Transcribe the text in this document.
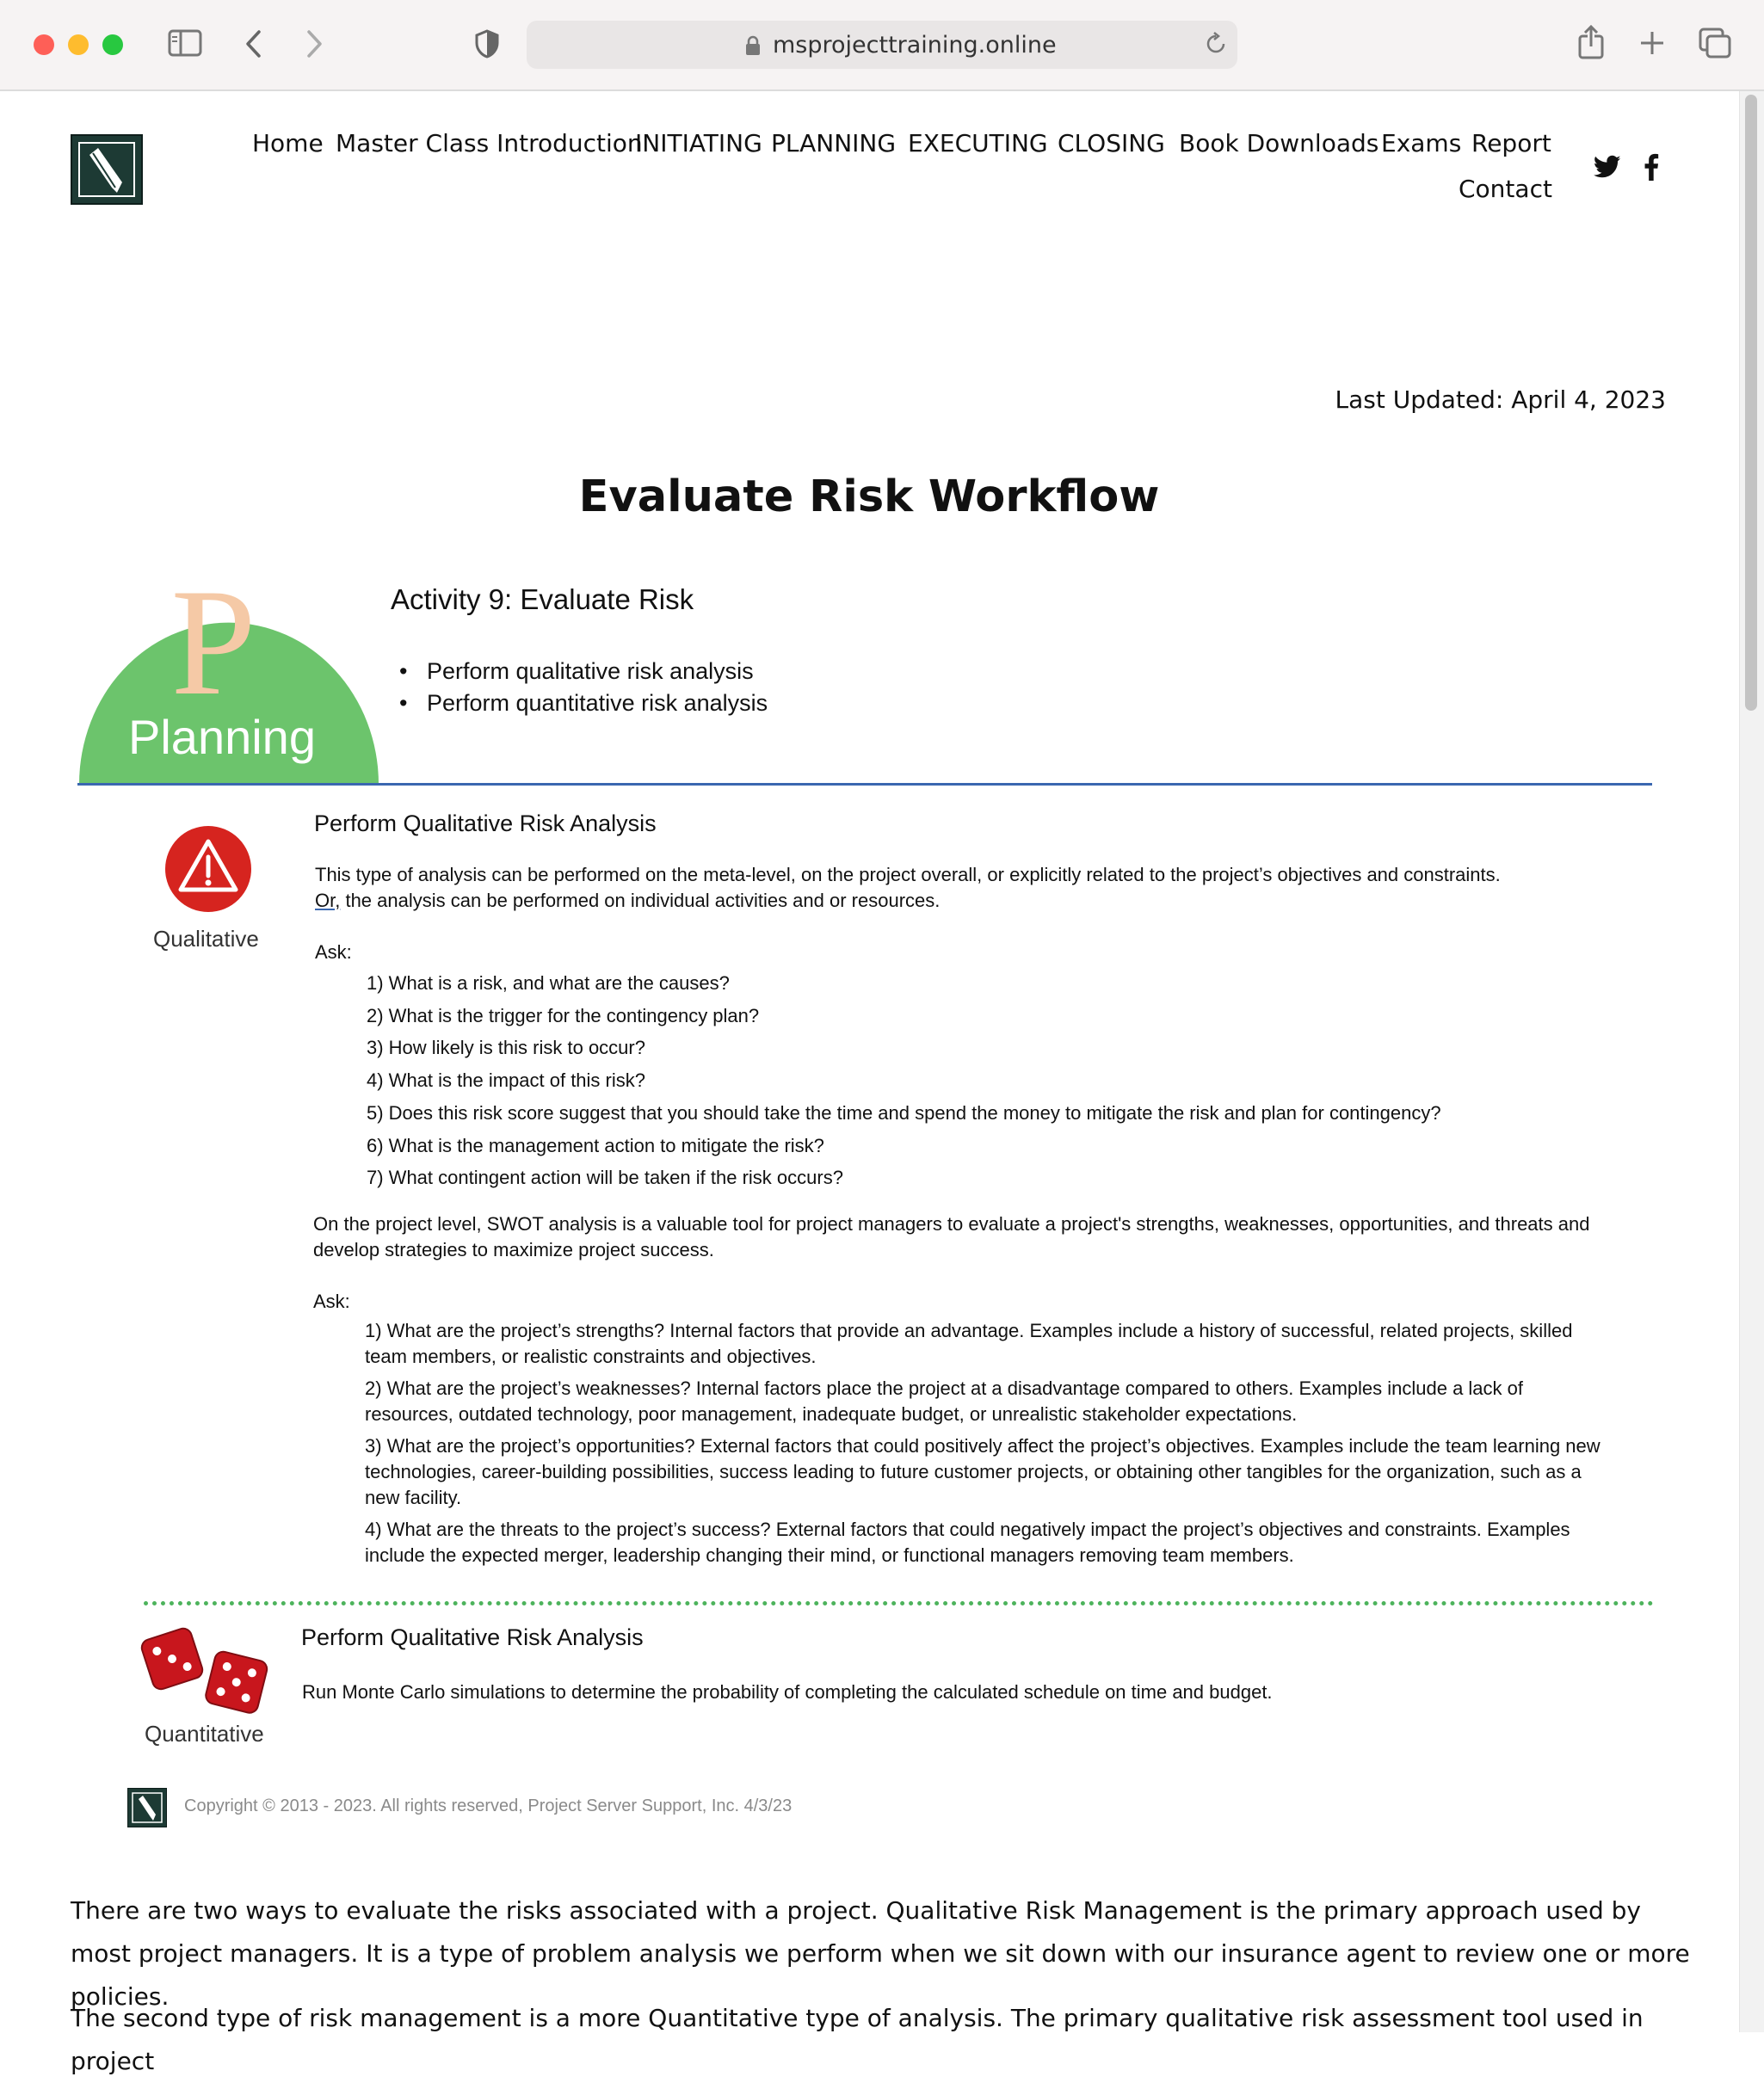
msprojecttraining.online
Home Master Class Introduction
INITIATING PLANNING EXECUTING CLOSING Book Downloads Exams Report
Contact
Last Updated: April 4, 2023
Evaluate Risk Workflow
P
Planning
Activity 9: Evaluate Risk
• Perform qualitative risk analysis
• Perform quantitative risk analysis
Qualitative
Perform Qualitative Risk Analysis
This type of analysis can be performed on the meta-level, on the project overall, or explicitly related to the project’s objectives and constraints.
Or, the analysis can be performed on individual activities and or resources.
Ask:
1) What is a risk, and what are the causes?
2) What is the trigger for the contingency plan?
3) How likely is this risk to occur?
4) What is the impact of this risk?
5) Does this risk score suggest that you should take the time and spend the money to mitigate the risk and plan for contingency?
6) What is the management action to mitigate the risk?
7) What contingent action will be taken if the risk occurs?
On the project level, SWOT analysis is a valuable tool for project managers to evaluate a project's strengths, weaknesses, opportunities, and threats and develop strategies to maximize project success.
Ask:
1) What are the project’s strengths? Internal factors that provide an advantage. Examples include a history of successful, related projects, skilled team members, or realistic constraints and objectives.
2) What are the project’s weaknesses? Internal factors place the project at a disadvantage compared to others. Examples include a lack of resources, outdated technology, poor management, inadequate budget, or unrealistic stakeholder expectations.
3) What are the project’s opportunities? External factors that could positively affect the project’s objectives. Examples include the team learning new technologies, career-building possibilities, success leading to future customer projects, or obtaining other tangibles for the organization, such as a new facility.
4) What are the threats to the project’s success? External factors that could negatively impact the project’s objectives and constraints. Examples include the expected merger, leadership changing their mind, or functional managers removing team members.
Quantitative
Perform Qualitative Risk Analysis
Run Monte Carlo simulations to determine the probability of completing the calculated schedule on time and budget.
Copyright © 2013 - 2023. All rights reserved, Project Server Support, Inc. 4/3/23

There are two ways to evaluate the risks associated with a project. Qualitative Risk Management is the primary approach used by most project managers. It is a type of problem analysis we perform when we sit down with our insurance agent to review one or more policies.

The second type of risk management is a more Quantitative type of analysis. The primary qualitative risk assessment tool used in project
